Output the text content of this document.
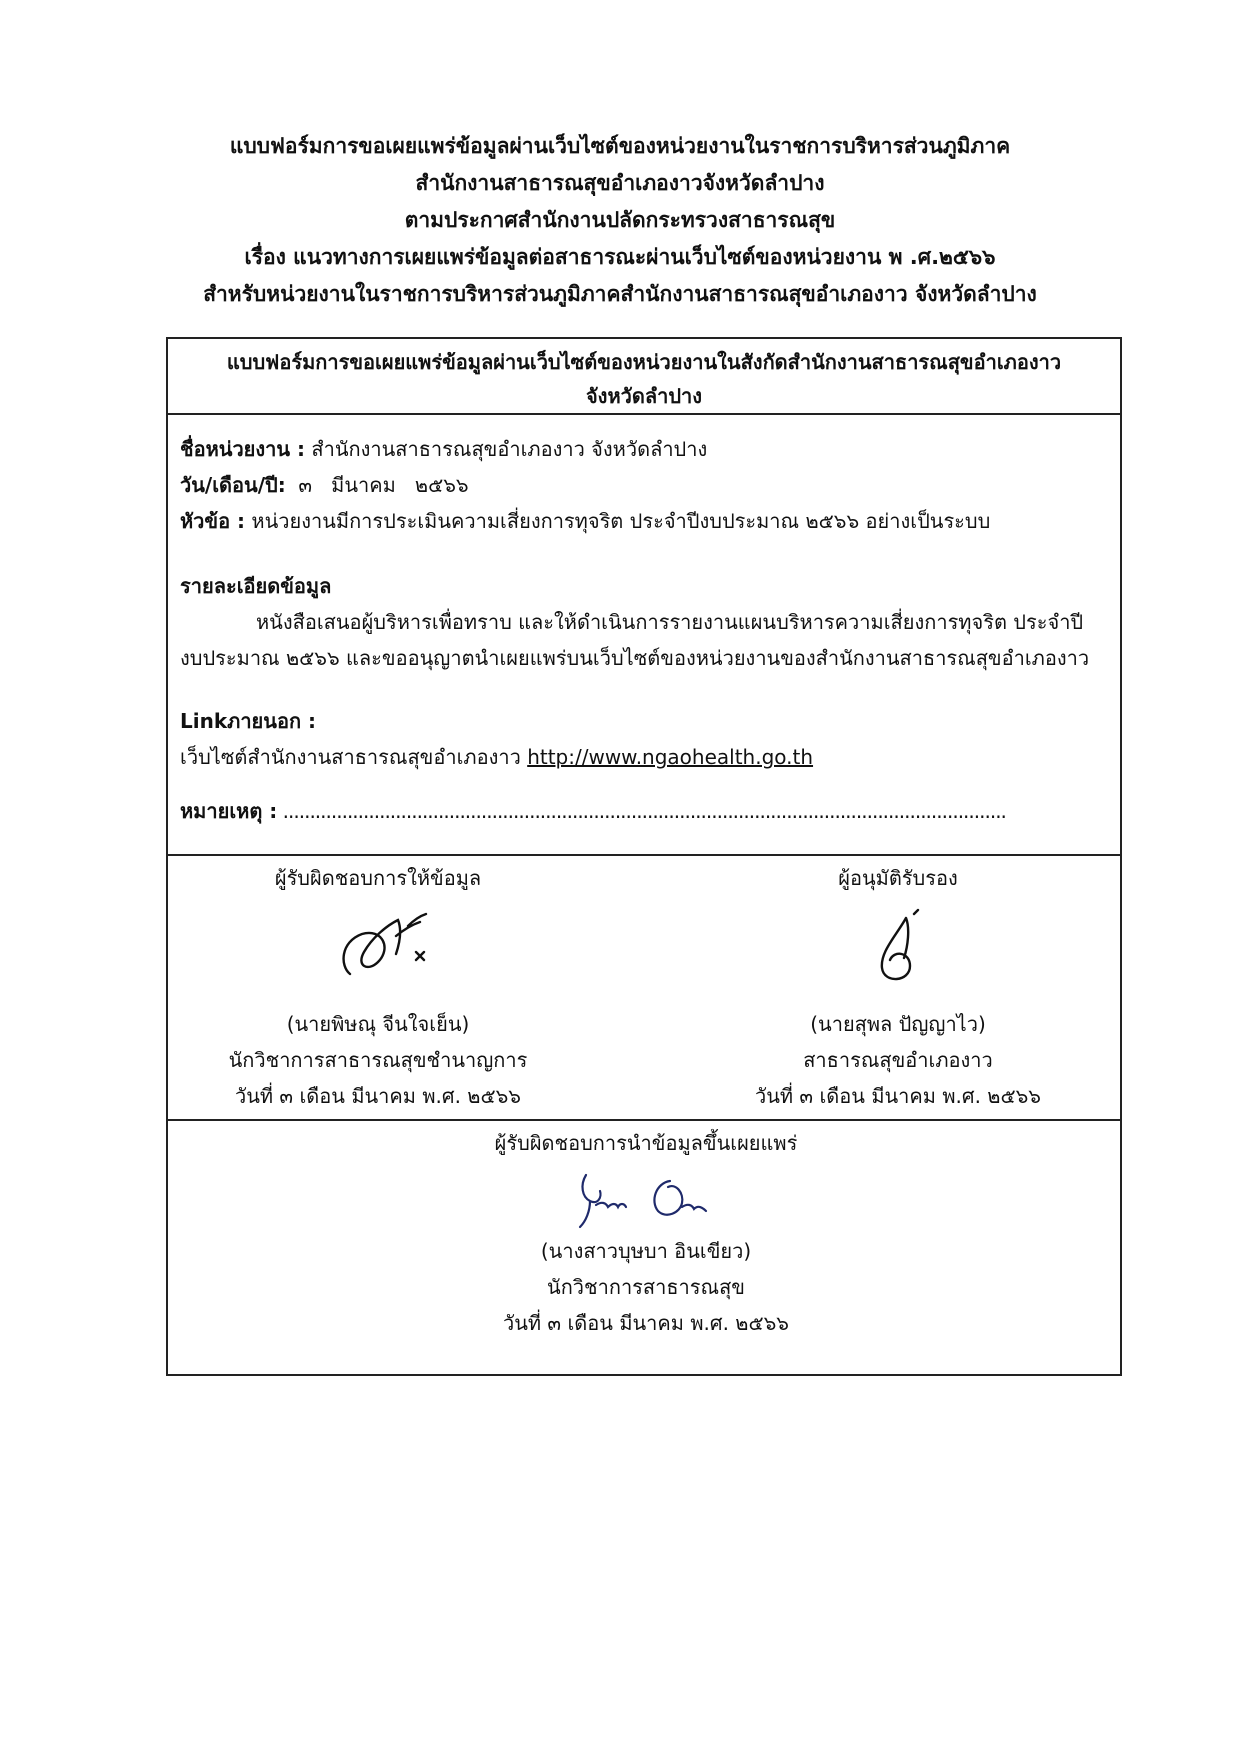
แบบฟอร์มการขอเผยแพร่ข้อมูลผ่านเว็บไซต์ของหน่วยงานในราชการบริหารส่วนภูมิภาค
สำนักงานสาธารณสุขอำเภองาวจังหวัดลำปาง
ตามประกาศสำนักงานปลัดกระทรวงสาธารณสุข
เรื่อง แนวทางการเผยแพร่ข้อมูลต่อสาธารณะผ่านเว็บไซต์ของหน่วยงาน พ .ศ.๒๕๖๖
สำหรับหน่วยงานในราชการบริหารส่วนภูมิภาคสำนักงานสาธารณสุขอำเภองาว จังหวัดลำปาง
แบบฟอร์มการขอเผยแพร่ข้อมูลผ่านเว็บไซต์ของหน่วยงานในสังกัดสำนักงานสาธารณสุขอำเภองาว
จังหวัดลำปาง
ชื่อหน่วยงาน : สำนักงานสาธารณสุขอำเภองาว จังหวัดลำปาง
วัน/เดือน/ปี:  ๓   มีนาคม   ๒๕๖๖
หัวข้อ : หน่วยงานมีการประเมินความเสี่ยงการทุจริต ประจำปีงบประมาณ ๒๕๖๖ อย่างเป็นระบบ
รายละเอียดข้อมูล
หนังสือเสนอผู้บริหารเพื่อทราบ และให้ดำเนินการรายงานแผนบริหารความเสี่ยงการทุจริต ประจำปี
งบประมาณ ๒๕๖๖ และขออนุญาตนำเผยแพร่บนเว็บไซต์ของหน่วยงานของสำนักงานสาธารณสุขอำเภองาว
Linkภายนอก :
เว็บไซต์สำนักงานสาธารณสุขอำเภองาว http://www.ngaohealth.go.th
หมายเหตุ : .......................................................................................................................................
ผู้รับผิดชอบการให้ข้อมูล
(นายพิษณุ จีนใจเย็น)
นักวิชาการสาธารณสุขชำนาญการ
วันที่ ๓ เดือน มีนาคม พ.ศ. ๒๕๖๖
ผู้อนุมัติรับรอง
(นายสุพล ปัญญาไว)
สาธารณสุขอำเภองาว
วันที่ ๓ เดือน มีนาคม พ.ศ. ๒๕๖๖
ผู้รับผิดชอบการนำข้อมูลขึ้นเผยแพร่
(นางสาวบุษบา อินเขียว)
นักวิชาการสาธารณสุข
วันที่ ๓ เดือน มีนาคม พ.ศ. ๒๕๖๖
